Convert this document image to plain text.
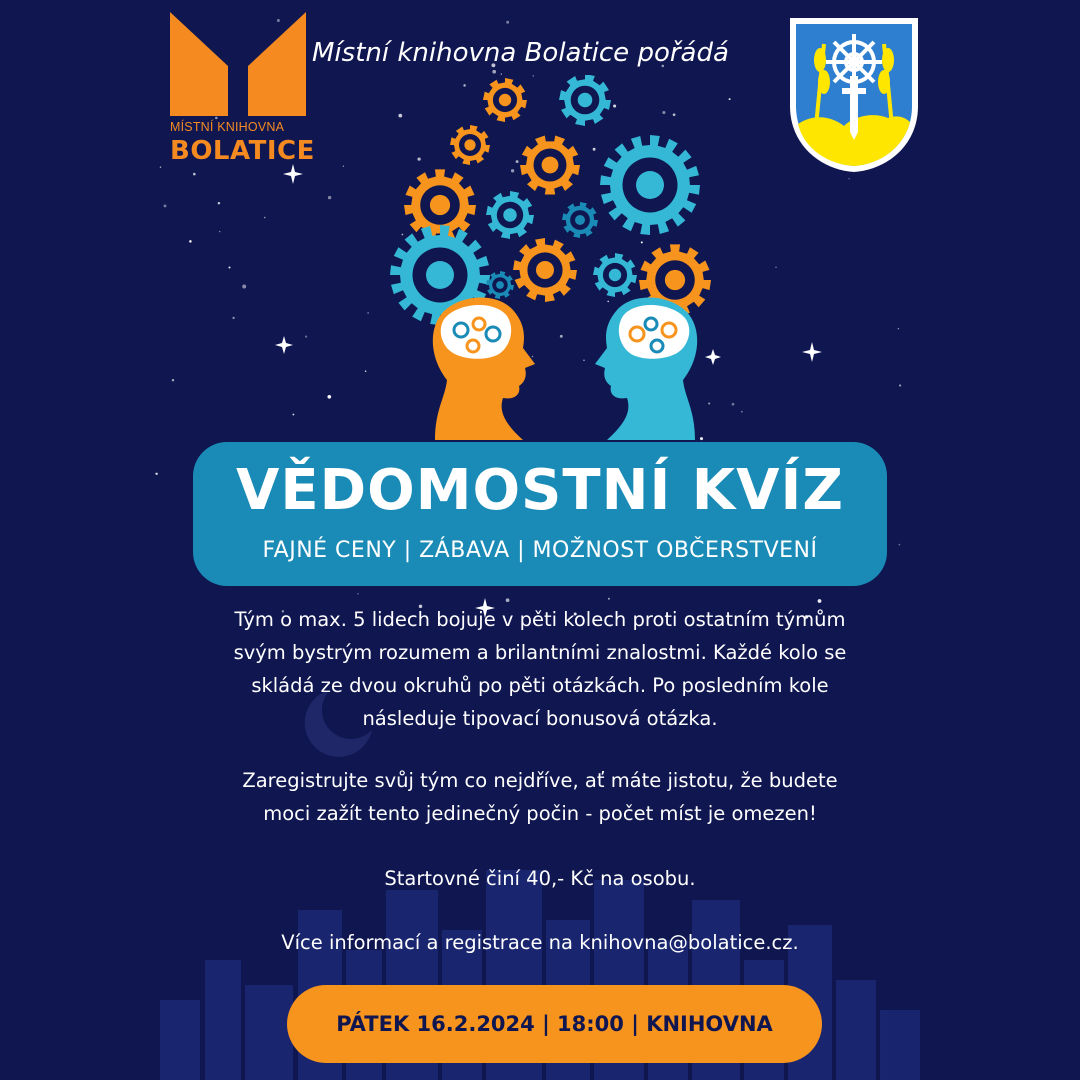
MÍSTNÍ KNIHOVNA
BOLATICE
Místní knihovna Bolatice pořádá
VĚDOMOSTNÍ KVÍZ
FAJNÉ CENY | ZÁBAVA | MOŽNOST OBČERSTVENÍ
Tým o max. 5 lidech bojuje v pěti kolech proti ostatním týmům
svým bystrým rozumem a brilantními znalostmi. Každé kolo se
skládá ze dvou okruhů po pěti otázkách. Po posledním kole
následuje tipovací bonusová otázka.
Zaregistrujte svůj tým co nejdříve, ať máte jistotu, že budete
moci zažít tento jedinečný počin - počet míst je omezen!
Startovné činí 40,- Kč na osobu.
Více informací a registrace na knihovna@bolatice.cz.
PÁTEK 16.2.2024 | 18:00 | KNIHOVNA
